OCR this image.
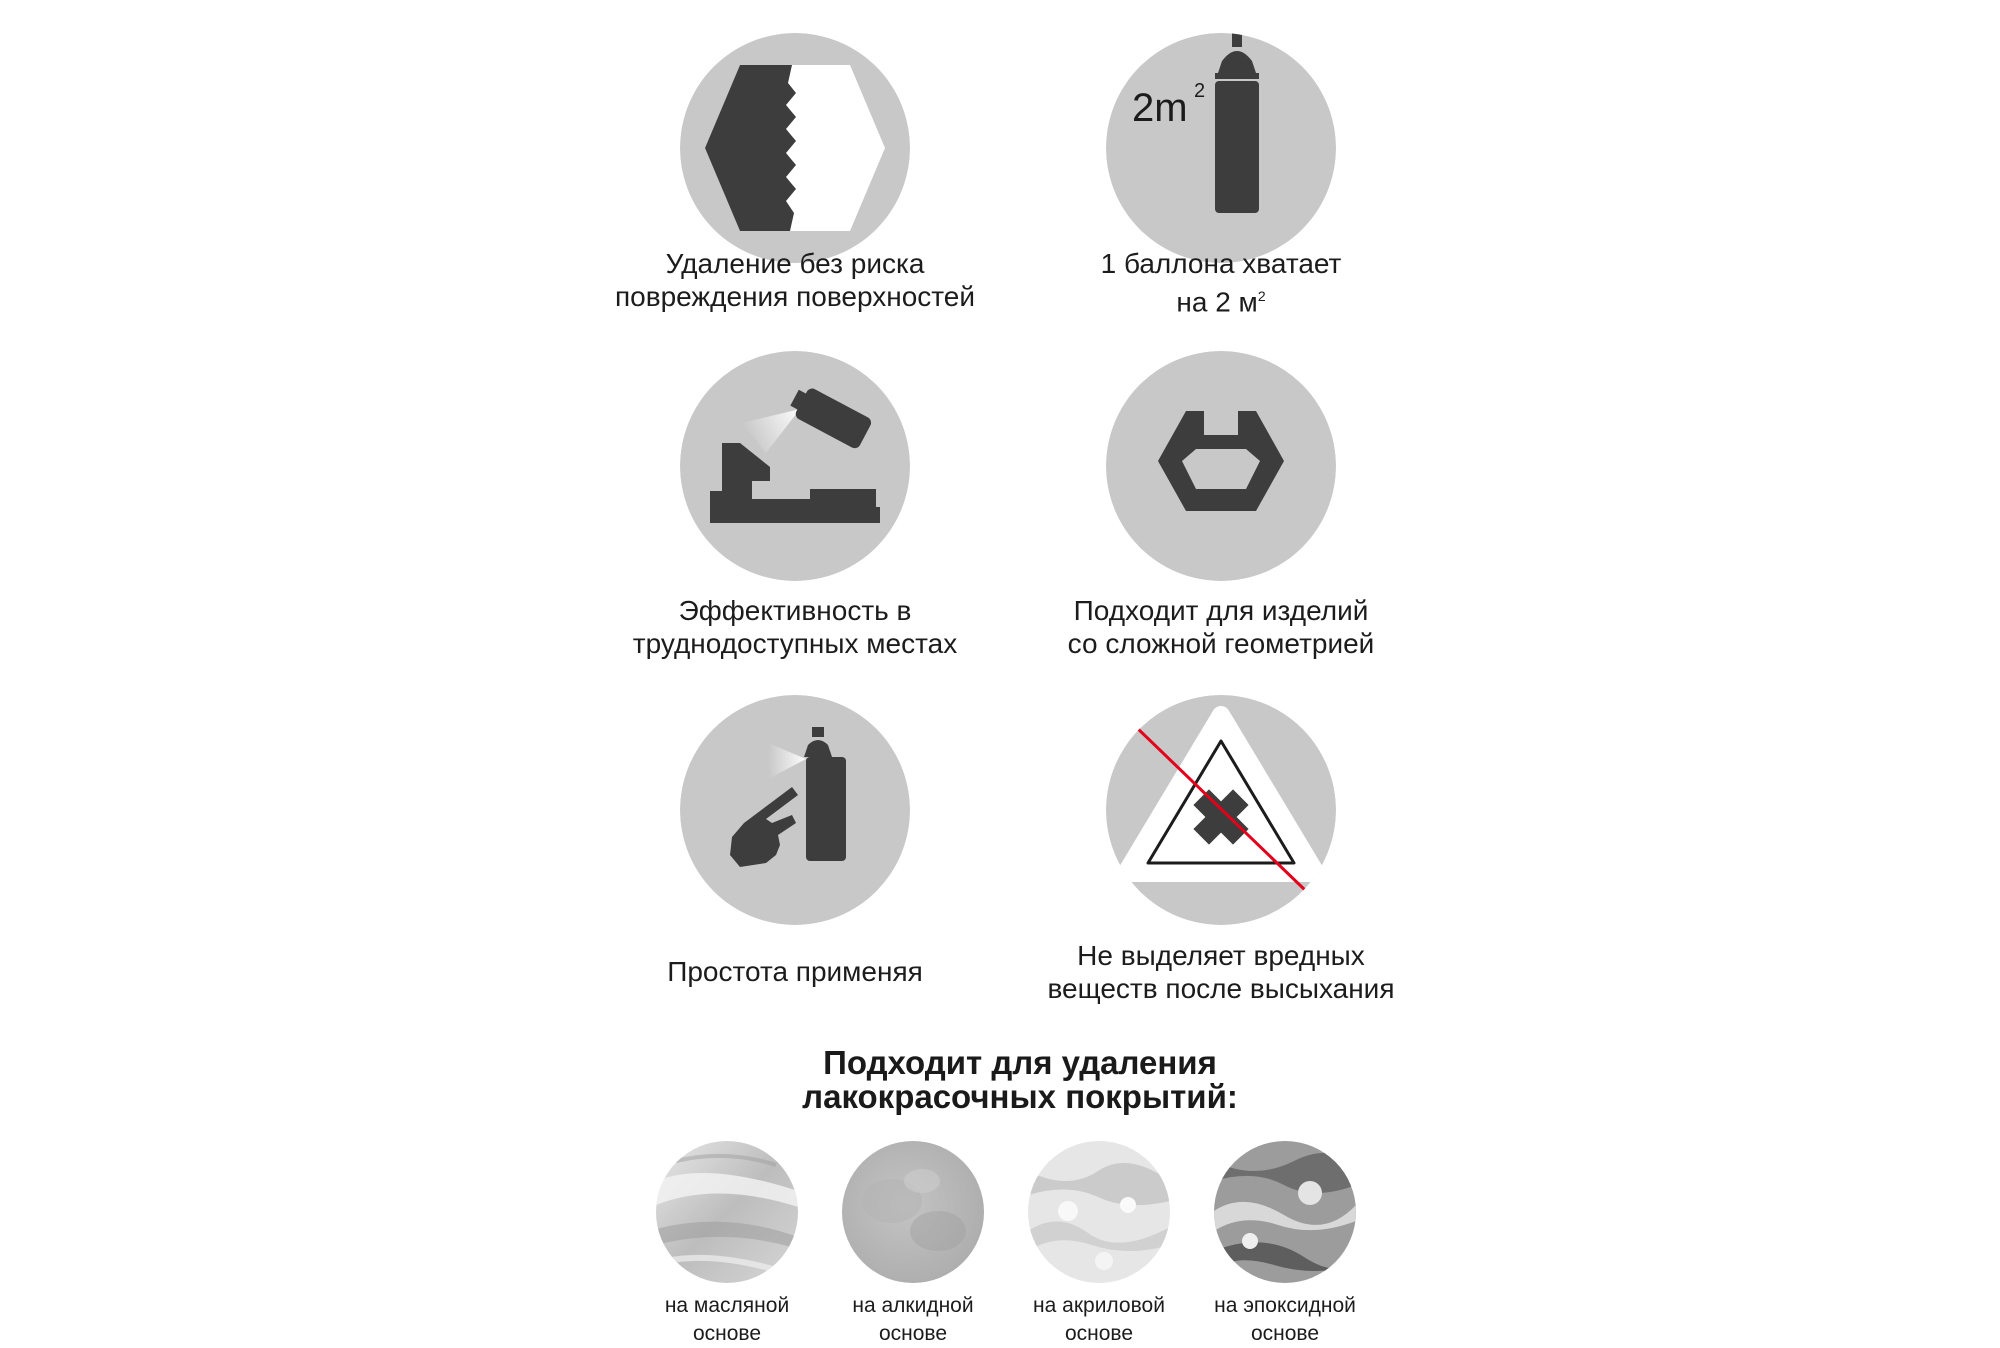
Удаление без риска
повреждения поверхностей
2m 2
1 баллона хватает
на 2 $м^2$
Эффективность в
труднодоступных местах
Подходит для изделий
со сложной геометрией
Простота применяя
Не выделяет вредных
веществ после высыхания
Подходит для удаления
лакокрасочных покрытий:
на масляной
основе
на алкидной
основе
на акриловой
основе
на эпоксидной
основе
